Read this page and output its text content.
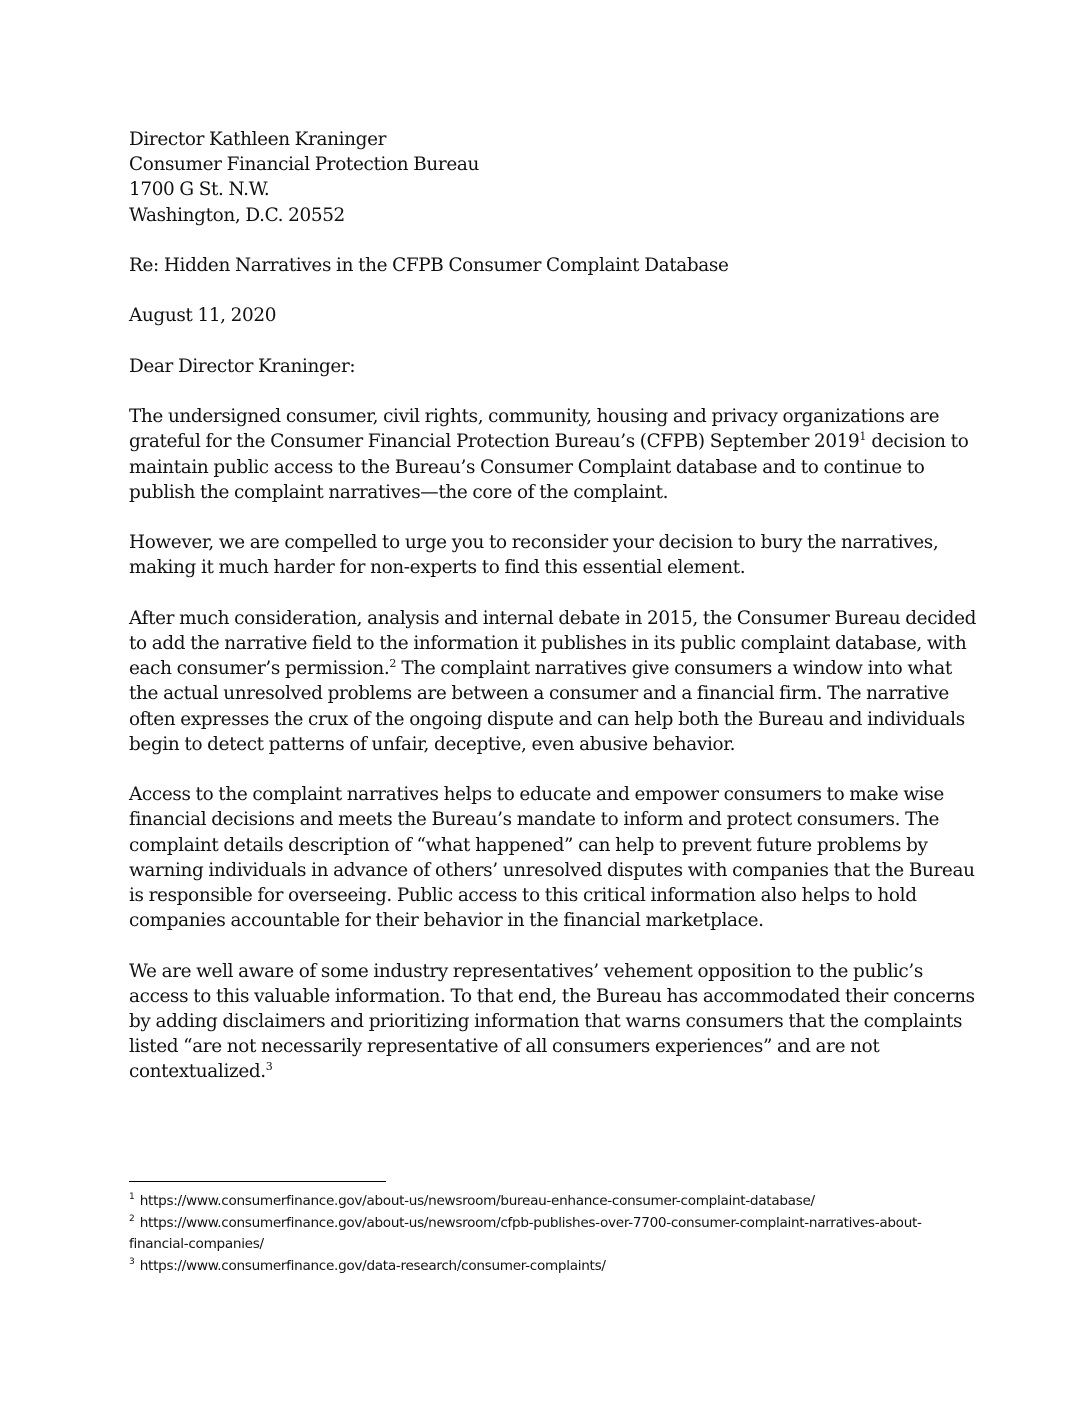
Director Kathleen Kraninger
Consumer Financial Protection Bureau
1700 G St. N.W.
Washington, D.C. 20552

Re: Hidden Narratives in the CFPB Consumer Complaint Database

August 11, 2020

Dear Director Kraninger:

The undersigned consumer, civil rights, community, housing and privacy organizations are grateful for the Consumer Financial Protection Bureau’s (CFPB) September 2019$^1$ decision to maintain public access to the Bureau’s Consumer Complaint database and to continue to publish the complaint narratives—the core of the complaint.

However, we are compelled to urge you to reconsider your decision to bury the narratives, making it much harder for non-experts to find this essential element.

After much consideration, analysis and internal debate in 2015, the Consumer Bureau decided to add the narrative field to the information it publishes in its public complaint database, with each consumer’s permission.$^2$ The complaint narratives give consumers a window into what the actual unresolved problems are between a consumer and a financial firm. The narrative often expresses the crux of the ongoing dispute and can help both the Bureau and individuals begin to detect patterns of unfair, deceptive, even abusive behavior.

Access to the complaint narratives helps to educate and empower consumers to make wise financial decisions and meets the Bureau’s mandate to inform and protect consumers. The complaint details description of “what happened” can help to prevent future problems by warning individuals in advance of others’ unresolved disputes with companies that the Bureau is responsible for overseeing. Public access to this critical information also helps to hold companies accountable for their behavior in the financial marketplace.

We are well aware of some industry representatives’ vehement opposition to the public’s access to this valuable information. To that end, the Bureau has accommodated their concerns by adding disclaimers and prioritizing information that warns consumers that the complaints listed “are not necessarily representative of all consumers experiences” and are not contextualized.$^3$

$^1$ https://www.consumerfinance.gov/about-us/newsroom/bureau-enhance-consumer-complaint-database/

$^2$ https://www.consumerfinance.gov/about-us/newsroom/cfpb-publishes-over-7700-consumer-complaint-narratives-about-financial-companies/

$^3$ https://www.consumerfinance.gov/data-research/consumer-complaints/
